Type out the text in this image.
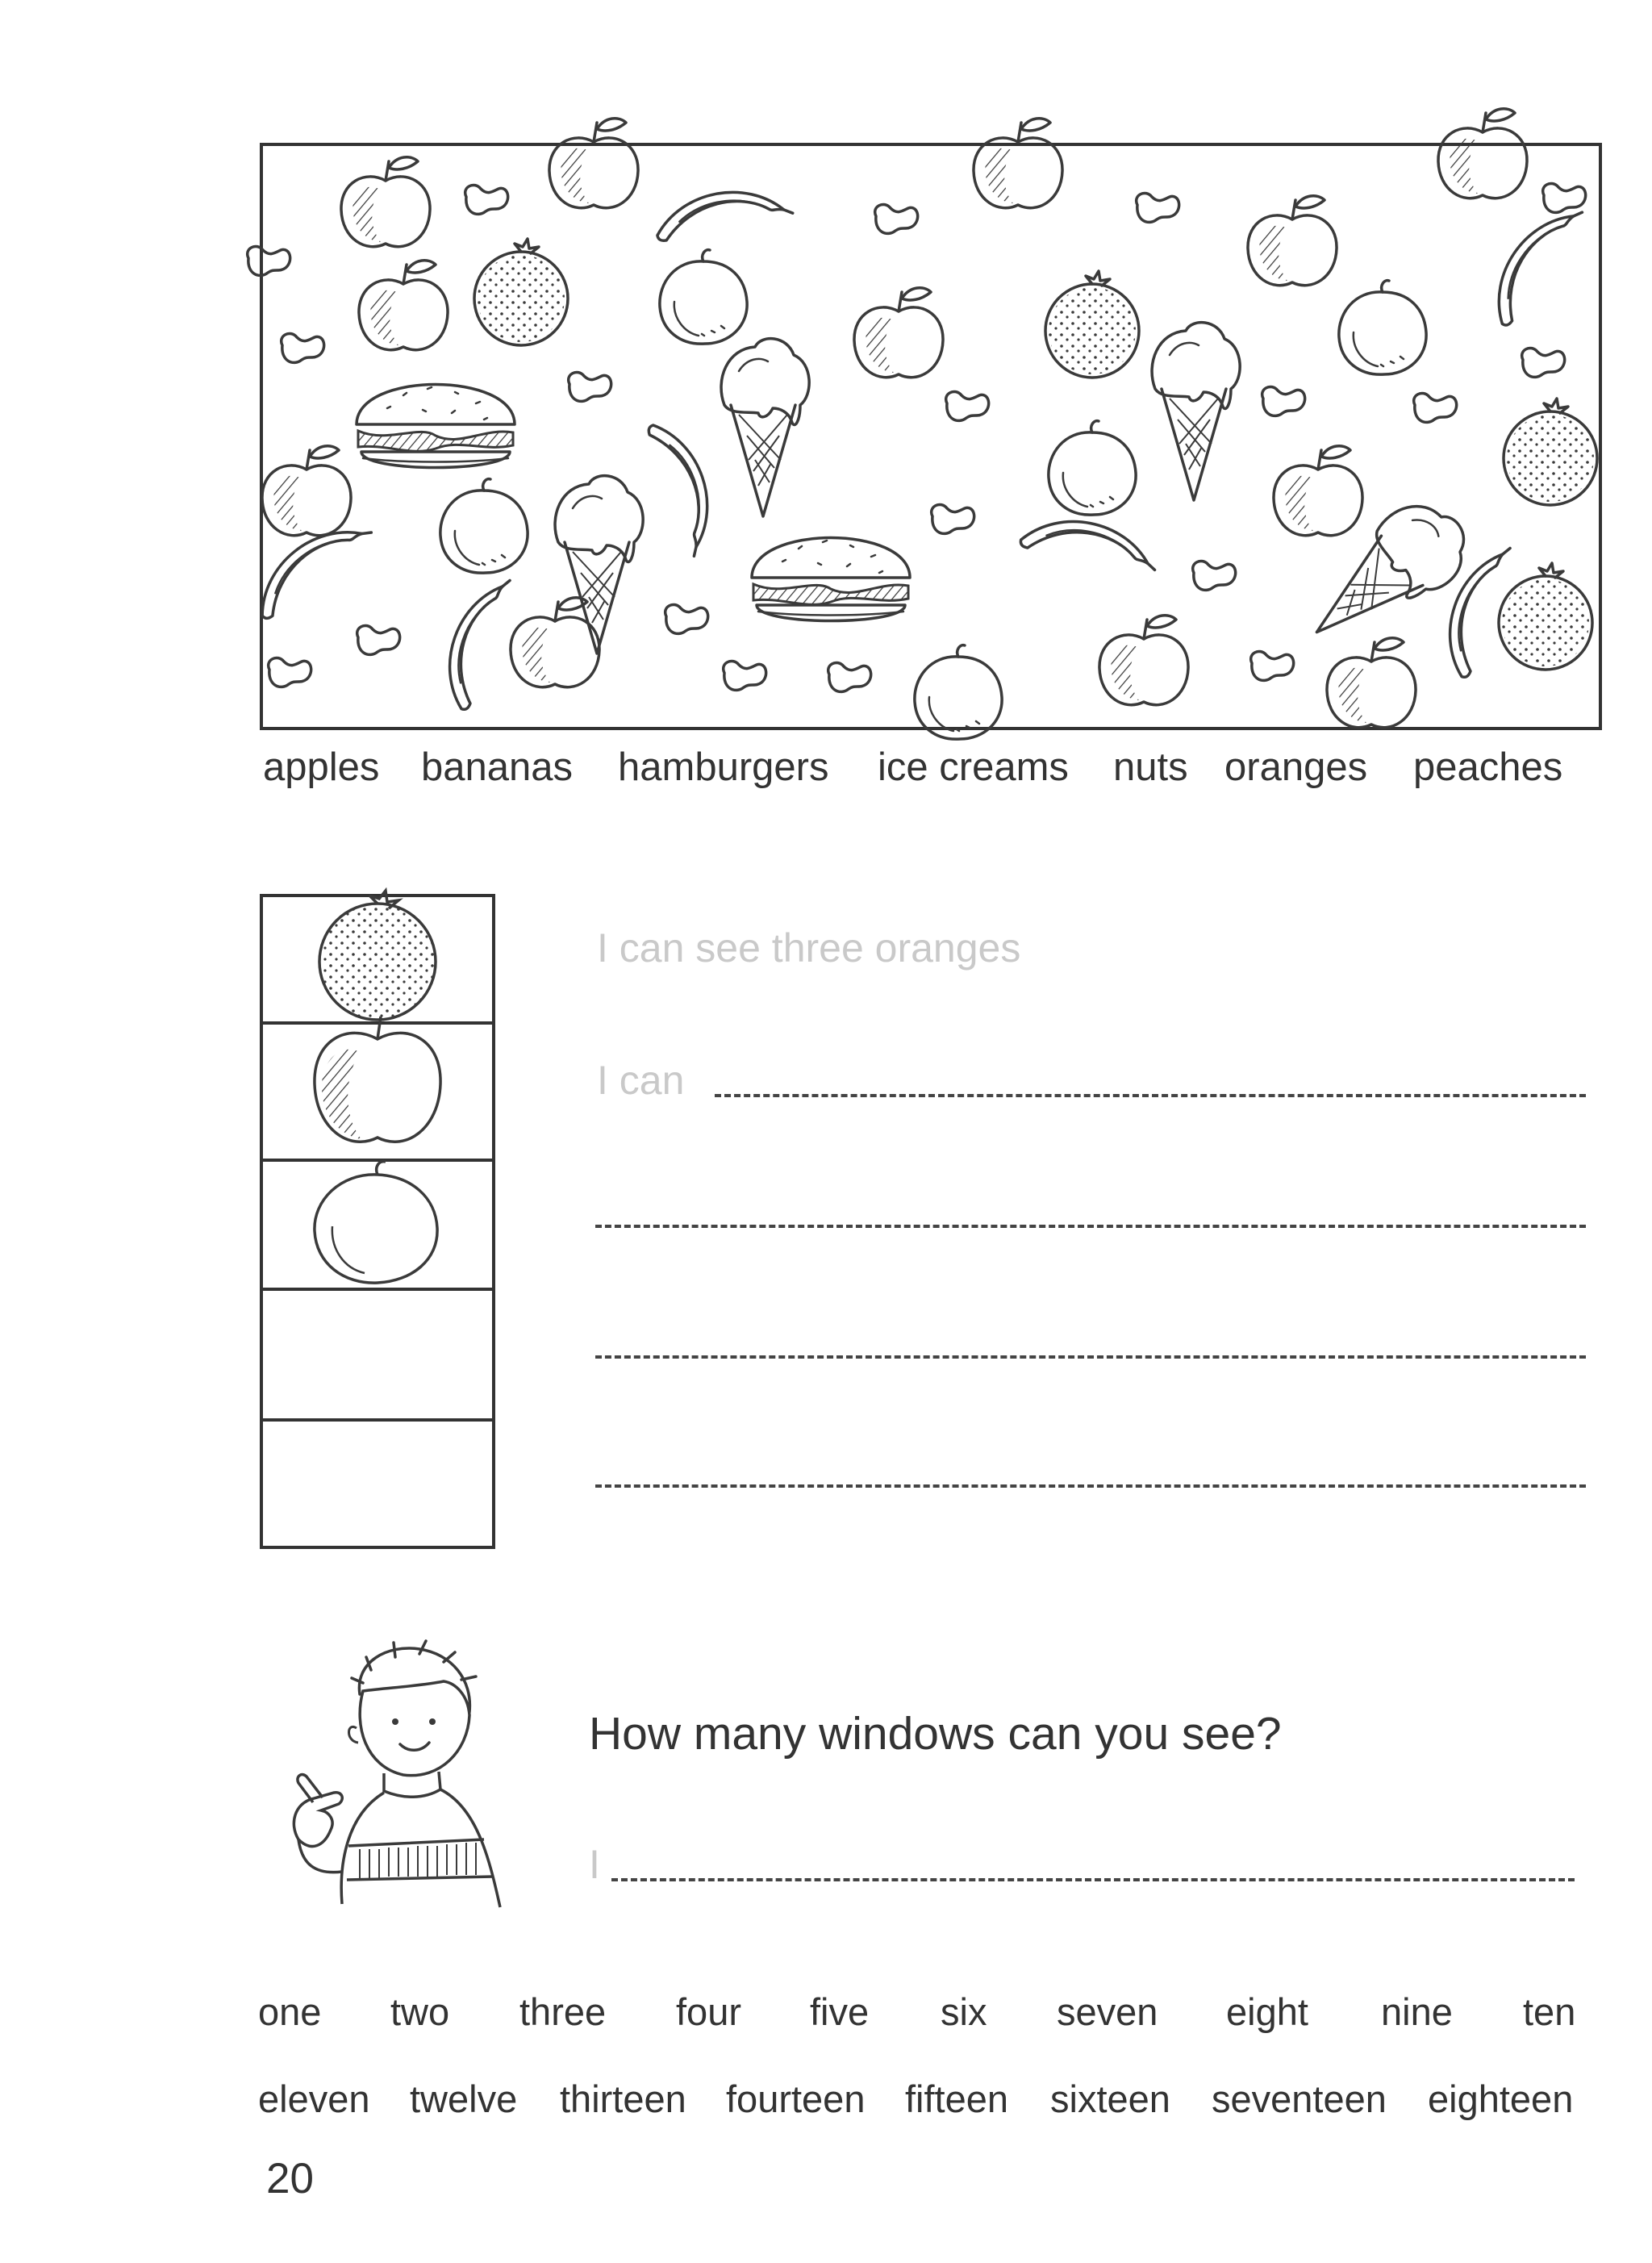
apples bananas hamburgers ice creams nuts oranges peaches
I can see three oranges
I can
How many windows can you see?
I
one two three four five six seven eight nine ten
eleven twelve thirteen fourteen fifteen sixteen seventeen eighteen
20
